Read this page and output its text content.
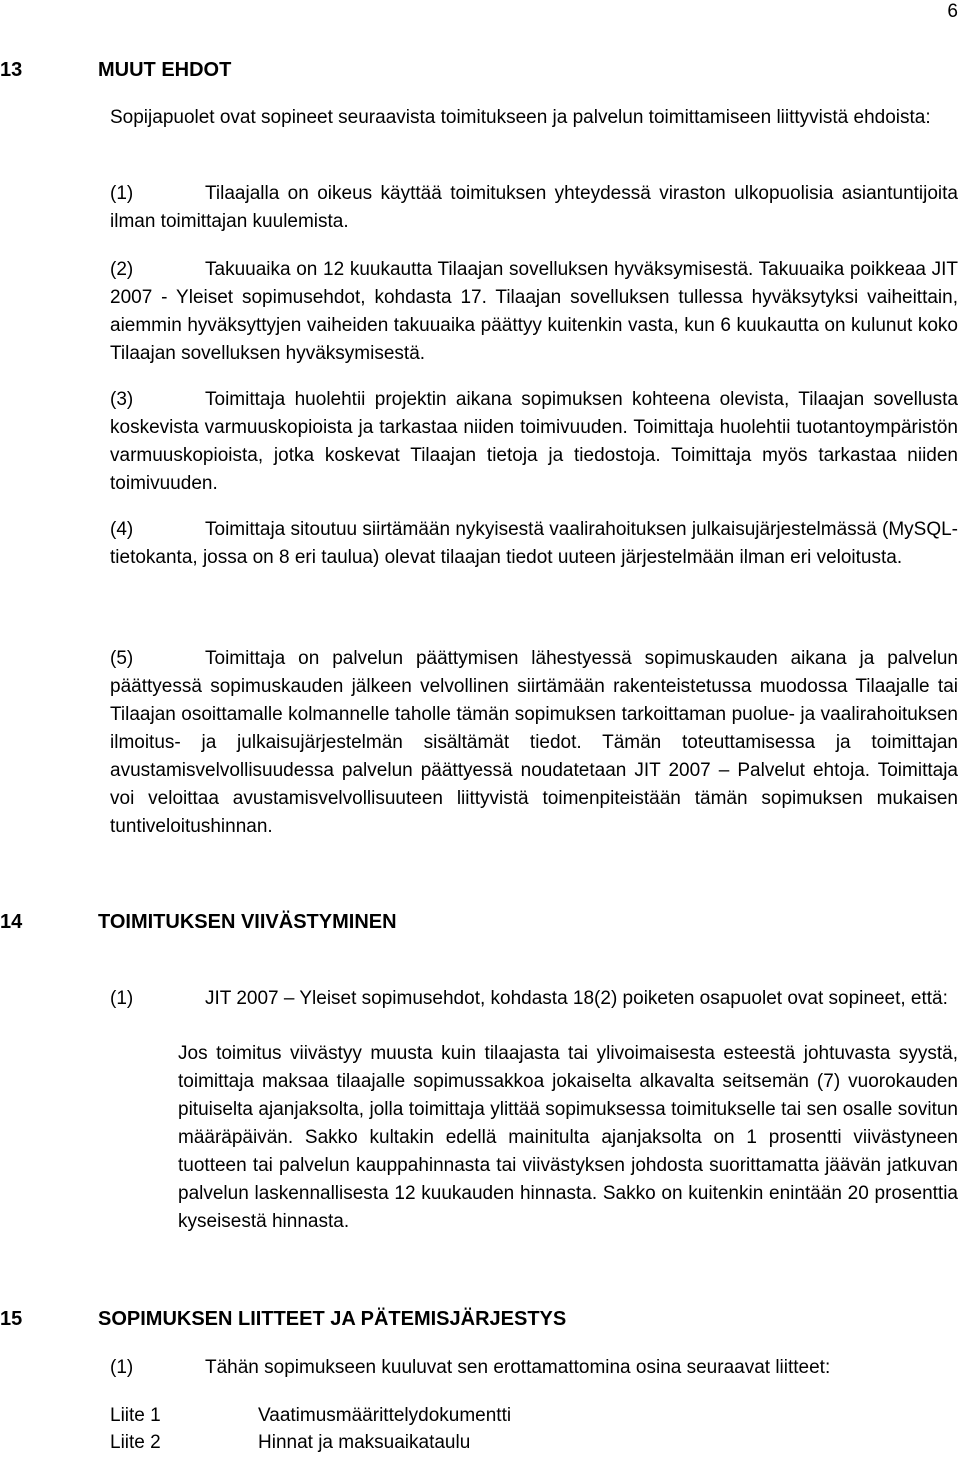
6
13	MUUT EHDOT
Sopijapuolet ovat sopineet seuraavista toimitukseen ja palvelun toimittamiseen liittyvistä ehdoista:
(1)	Tilaajalla on oikeus käyttää toimituksen yhteydessä viraston ulkopuolisia asiantuntijoita ilman toimittajan kuulemista.
(2)	Takuuaika on 12 kuukautta Tilaajan sovelluksen hyväksymisestä. Takuuaika poikkeaa JIT 2007 - Yleiset sopimusehdot, kohdasta 17. Tilaajan sovelluksen tullessa hyväksytyksi vaiheittain, aiemmin hyväksyttyjen vaiheiden takuuaika päättyy kuitenkin vasta, kun 6 kuukautta on kulunut koko Tilaajan sovelluksen hyväksymisestä.
(3)	Toimittaja huolehtii projektin aikana sopimuksen kohteena olevista, Tilaajan sovellusta koskevista varmuuskopioista ja tarkastaa niiden toimivuuden. Toimittaja huolehtii tuotantoympäristön varmuuskopioista, jotka koskevat Tilaajan tietoja ja tiedostoja. Toimittaja myös tarkastaa niiden toimivuuden.
(4)	Toimittaja sitoutuu siirtämään nykyisestä vaalirahoituksen julkaisujärjestelmässä (MySQL-tietokanta, jossa on 8 eri taulua) olevat tilaajan tiedot uuteen järjestelmään ilman eri veloitusta.
(5)	Toimittaja on palvelun päättymisen lähestyessä sopimuskauden aikana ja palvelun päättyessä sopimuskauden jälkeen velvollinen siirtämään rakenteistetussa muodossa Tilaajalle tai Tilaajan osoittamalle kolmannelle taholle tämän sopimuksen tarkoittaman puolue- ja vaalirahoituksen ilmoitus- ja julkaisujärjestelmän sisältämät tiedot. Tämän toteuttamisessa ja toimittajan avustamisvelvollisuudessa palvelun päättyessä noudatetaan JIT 2007 – Palvelut ehtoja. Toimittaja voi veloittaa avustamisvelvollisuuteen liittyvistä toimenpiteistään tämän sopimuksen mukaisen tuntiveloitushinnan.
14	TOIMITUKSEN VIIVÄSTYMINEN
(1)	JIT 2007 – Yleiset sopimusehdot, kohdasta 18(2) poiketen osapuolet ovat sopineet, että:
Jos toimitus viivästyy muusta kuin tilaajasta tai ylivoimaisesta esteestä johtuvasta syystä, toimittaja maksaa tilaajalle sopimussakkoa jokaiselta alkavalta seitsemän (7) vuorokauden pituiselta ajanjaksolta, jolla toimittaja ylittää sopimuksessa toimitukselle tai sen osalle sovitun määräpäivän. Sakko kultakin edellä mainitulta ajanjaksolta on 1 prosentti viivästyneen tuotteen tai palvelun kauppahinnasta tai viivästyksen johdosta suorittamatta jäävän jatkuvan palvelun laskennallisesta 12 kuukauden hinnasta. Sakko on kuitenkin enintään 20 prosenttia kyseisestä hinnasta.
15	SOPIMUKSEN LIITTEET JA PÄTEMISJÄRJESTYS
(1)	Tähän sopimukseen kuuluvat sen erottamattomina osina seuraavat liitteet:
Liite 1	Vaatimusmäärittelydokumentti
Liite 2	Hinnat ja maksuaikataulu
